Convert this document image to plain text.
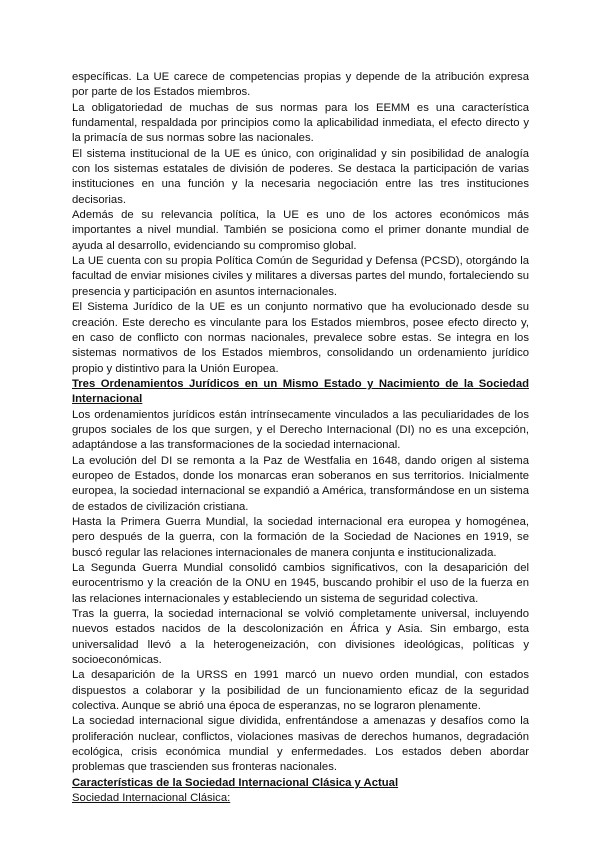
específicas. La UE carece de competencias propias y depende de la atribución expresa por parte de los Estados miembros.

La obligatoriedad de muchas de sus normas para los EEMM es una característica fundamental, respaldada por principios como la aplicabilidad inmediata, el efecto directo y la primacía de sus normas sobre las nacionales.

El sistema institucional de la UE es único, con originalidad y sin posibilidad de analogía con los sistemas estatales de división de poderes. Se destaca la participación de varias instituciones en una función y la necesaria negociación entre las tres instituciones decisorias.

Además de su relevancia política, la UE es uno de los actores económicos más importantes a nivel mundial. También se posiciona como el primer donante mundial de ayuda al desarrollo, evidenciando su compromiso global.

La UE cuenta con su propia Política Común de Seguridad y Defensa (PCSD), otorgándo la facultad de enviar misiones civiles y militares a diversas partes del mundo, fortaleciendo su presencia y participación en asuntos internacionales.

El Sistema Jurídico de la UE es un conjunto normativo que ha evolucionado desde su creación. Este derecho es vinculante para los Estados miembros, posee efecto directo y, en caso de conflicto con normas nacionales, prevalece sobre estas. Se integra en los sistemas normativos de los Estados miembros, consolidando un ordenamiento jurídico propio y distintivo para la Unión Europea.

Tres Ordenamientos Jurídicos en un Mismo Estado y Nacimiento de la Sociedad Internacional

Los ordenamientos jurídicos están intrínsecamente vinculados a las peculiaridades de los grupos sociales de los que surgen, y el Derecho Internacional (DI) no es una excepción, adaptándose a las transformaciones de la sociedad internacional.

La evolución del DI se remonta a la Paz de Westfalia en 1648, dando origen al sistema europeo de Estados, donde los monarcas eran soberanos en sus territorios. Inicialmente europea, la sociedad internacional se expandió a América, transformándose en un sistema de estados de civilización cristiana.

Hasta la Primera Guerra Mundial, la sociedad internacional era europea y homogénea, pero después de la guerra, con la formación de la Sociedad de Naciones en 1919, se buscó regular las relaciones internacionales de manera conjunta e institucionalizada.

La Segunda Guerra Mundial consolidó cambios significativos, con la desaparición del eurocentrismo y la creación de la ONU en 1945, buscando prohibir el uso de la fuerza en las relaciones internacionales y estableciendo un sistema de seguridad colectiva.

Tras la guerra, la sociedad internacional se volvió completamente universal, incluyendo nuevos estados nacidos de la descolonización en África y Asia. Sin embargo, esta universalidad llevó a la heterogeneización, con divisiones ideológicas, políticas y socioeconómicas.

La desaparición de la URSS en 1991 marcó un nuevo orden mundial, con estados dispuestos a colaborar y la posibilidad de un funcionamiento eficaz de la seguridad colectiva. Aunque se abrió una época de esperanzas, no se lograron plenamente.

La sociedad internacional sigue dividida, enfrentándose a amenazas y desafíos como la proliferación nuclear, conflictos, violaciones masivas de derechos humanos, degradación ecológica, crisis económica mundial y enfermedades. Los estados deben abordar problemas que trascienden sus fronteras nacionales.

Características de la Sociedad Internacional Clásica y Actual

Sociedad Internacional Clásica:
